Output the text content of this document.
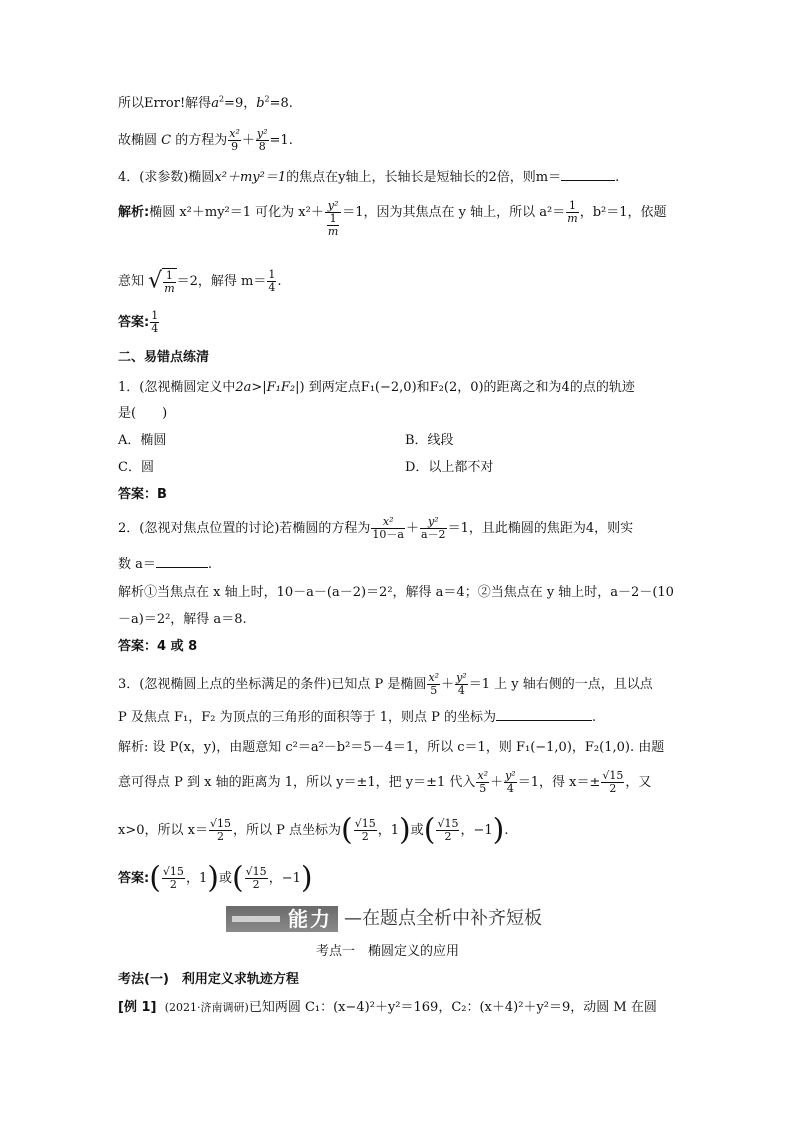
所以Error!解得$a^2=9$，$b^2=8$.
故椭圆 C 的方程为 $\frac{\text{x²}}{9} + \frac{\text{y²}}{8} =1$.
4．(求参数)椭圆x²＋my²＝1的焦点在y轴上，长轴长是短轴长的2倍，则m＝	.
解析:椭圆 x²＋my²＝1 可化为 $x^2+ \frac{\text{y²}}{\frac{1}{m}} =1$，因为其焦点在 y 轴上，所以 $a^2= \frac{1}{m}$ ，b²＝1，依题
意知 √ $\frac{1}{m} =2$，解得 $m= \frac{1}{4}$ .
答案: $\frac{1}{4}$
二、易错点练清
1．(忽视椭圆定义中2a>|F₁F₂|) 到两定点F₁(−2,0)和F₂(2，0)的距离之和为4的点的轨迹
是(　　)
A．椭圆	B．线段
C．圆	D．以上都不对
答案：B
2．(忽视对焦点位置的讨论)若椭圆的方程为 $\frac{\text{x²}}{10-a} + \frac{\text{y²}}{a-2} =1$，且此椭圆的焦距为4，则实
数 a＝	.
解析①当焦点在 x 轴上时，10－a－(a－2)＝2²，解得 a＝4；②当焦点在 y 轴上时，a－2－(10
－a)＝2²，解得 a＝8.
答案：4 或 8
3．(忽视椭圆上点的坐标满足的条件)已知点 P 是椭圆 $\frac{\text{x²}}{5} + \frac{\text{y²}}{4} =1$ 上 y 轴右侧的一点，且以点
P 及焦点 F₁，F₂ 为顶点的三角形的面积等于 1，则点 P 的坐标为	.
解析: 设 P(x，y)，由题意知 c²＝a²－b²＝5－4＝1，所以 c＝1，则 F₁(−1,0)，F₂(1,0). 由题
意可得点 P 到 x 轴的距离为 1，所以 y＝±1，把 y＝±1 代入 $\frac{\text{x²}}{5} + \frac{\text{y²}}{4} =1$，得 $x=\pm \frac{√15}{2}$ ，又
x>0，所以 $x= \frac{√15}{2}$ ，所以 P 点坐标为( $\frac{√15}{2}$ ，1)或( $\frac{√15}{2}$ ，−1).
答案:( $\frac{√15}{2}$ ，1)或( $\frac{√15}{2}$ ，−1)
能力 —在题点全析中补齐短板
考点一　椭圆定义的应用
考法(一)　利用定义求轨迹方程
[例 1] (2021·济南调研)已知两圆 C₁：(x−4)²＋y²＝169，C₂：(x＋4)²＋y²＝9，动圆 M 在圆
